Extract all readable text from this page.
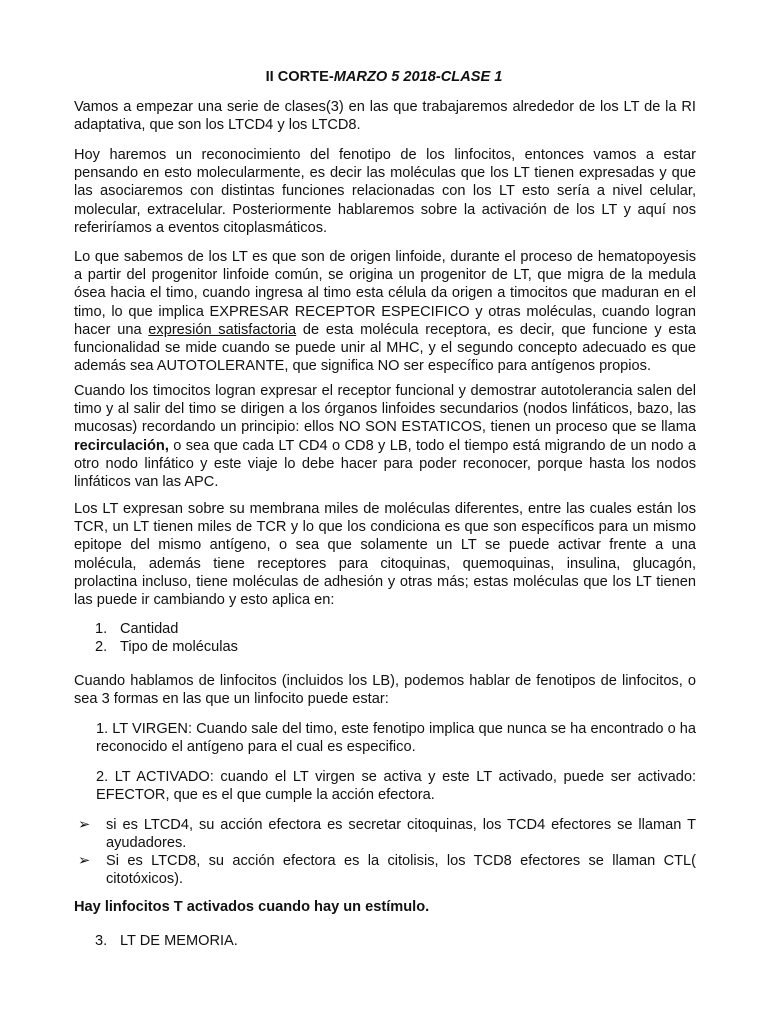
II CORTE-MARZO 5 2018-CLASE 1

Vamos a empezar una serie de clases(3) en las que trabajaremos alrededor de los LT de la RI adaptativa, que son los LTCD4 y los LTCD8.

Hoy haremos un reconocimiento del fenotipo de los linfocitos, entonces vamos a estar pensando en esto molecularmente, es decir las moléculas que los LT tienen expresadas y que las asociaremos con distintas funciones relacionadas con los LT esto sería a nivel celular, molecular, extracelular. Posteriormente hablaremos sobre la activación de los LT y aquí nos referiríamos a eventos citoplasmáticos.

Lo que sabemos de los LT es que son de origen linfoide, durante el proceso de hematopoyesis a partir del progenitor linfoide común, se origina un progenitor de LT, que migra de la medula ósea hacia el timo, cuando ingresa al timo esta célula da origen a timocitos que maduran en el timo, lo que implica EXPRESAR RECEPTOR ESPECIFICO y otras moléculas, cuando logran hacer una expresión satisfactoria de esta molécula receptora, es decir, que funcione y esta funcionalidad se mide cuando se puede unir al MHC, y el segundo concepto adecuado es que además sea AUTOTOLERANTE, que significa NO ser específico para antígenos propios.

Cuando los timocitos logran expresar el receptor funcional y demostrar autotolerancia salen del timo y al salir del timo se dirigen a los órganos linfoides secundarios (nodos linfáticos, bazo, las mucosas) recordando un principio: ellos NO SON ESTATICOS, tienen un proceso que se llama recirculación, o sea que cada LT CD4 o CD8 y LB, todo el tiempo está migrando de un nodo a otro nodo linfático y este viaje lo debe hacer para poder reconocer, porque hasta los nodos linfáticos van las APC.

Los LT expresan sobre su membrana miles de moléculas diferentes, entre las cuales están los TCR, un LT tienen miles de TCR y lo que los condiciona es que son específicos para un mismo epitope del mismo antígeno, o sea que solamente un LT se puede activar frente a una molécula, además tiene receptores para citoquinas, quemoquinas, insulina, glucagón, prolactina incluso, tiene moléculas de adhesión y otras más; estas moléculas que los LT tienen las puede ir cambiando y esto aplica en:

1. Cantidad
2. Tipo de moléculas

Cuando hablamos de linfocitos (incluidos los LB), podemos hablar de fenotipos de linfocitos, o sea 3 formas en las que un linfocito puede estar:

1. LT VIRGEN: Cuando sale del timo, este fenotipo implica que nunca se ha encontrado o ha reconocido el antígeno para el cual es especifico.

2. LT ACTIVADO: cuando el LT virgen se activa y este LT activado, puede ser activado: EFECTOR, que es el que cumple la acción efectora.

➢ si es LTCD4, su acción efectora es secretar citoquinas, los TCD4 efectores se llaman T ayudadores.
➢ Si es LTCD8, su acción efectora es la citolisis, los TCD8 efectores se llaman CTL( citotóxicos).

Hay linfocitos T activados cuando hay un estímulo.

3. LT DE MEMORIA.
